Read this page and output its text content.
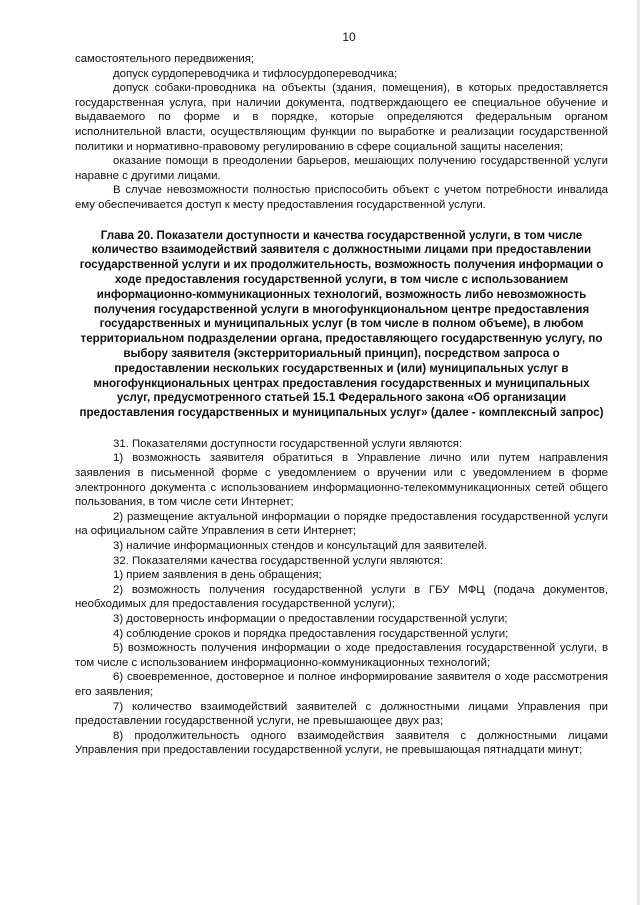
10

самостоятельного передвижения;

допуск сурдопереводчика и тифлосурдопереводчика;

допуск собаки-проводника на объекты (здания, помещения), в которых предоставляется государственная услуга, при наличии документа, подтверждающего ее специальное обучение и выдаваемого по форме и в порядке, которые определяются федеральным органом исполнительной власти, осуществляющим функции по выработке и реализации государственной политики и нормативно-правовому регулированию в сфере социальной защиты населения;

оказание помощи в преодолении барьеров, мешающих получению государственной услуги наравне с другими лицами.

В случае невозможности полностью приспособить объект с учетом потребности инвалида ему обеспечивается доступ к месту предоставления государственной услуги.

Глава 20. Показатели доступности и качества государственной услуги, в том числе количество взаимодействий заявителя с должностными лицами при предоставлении государственной услуги и их продолжительность, возможность получения информации о ходе предоставления государственной услуги, в том числе с использованием информационно-коммуникационных технологий, возможность либо невозможность получения государственной услуги в многофункциональном центре предоставления государственных и муниципальных услуг (в том числе в полном объеме), в любом территориальном подразделении органа, предоставляющего государственную услугу, по выбору заявителя (экстерриториальный принцип), посредством запроса о предоставлении нескольких государственных и (или) муниципальных услуг в многофункциональных центрах предоставления государственных и муниципальных услуг, предусмотренного статьей 15.1 Федерального закона «Об организации предоставления государственных и муниципальных услуг» (далее - комплексный запрос)

31. Показателями доступности государственной услуги являются:

1) возможность заявителя обратиться в Управление лично или путем направления заявления в письменной форме с уведомлением о вручении или с уведомлением в форме электронного документа с использованием информационно-телекоммуникационных сетей общего пользования, в том числе сети Интернет;

2) размещение актуальной информации о порядке предоставления государственной услуги на официальном сайте Управления в сети Интернет;

3) наличие информационных стендов и консультаций для заявителей.

32. Показателями качества государственной услуги являются:

1) прием заявления в день обращения;

2) возможность получения государственной услуги в ГБУ МФЦ (подача документов, необходимых для предоставления государственной услуги);

3) достоверность информации о предоставлении государственной услуги;

4) соблюдение сроков и порядка предоставления государственной услуги;

5) возможность получения информации о ходе предоставления государственной услуги, в том числе с использованием информационно-коммуникационных технологий;

6) своевременное, достоверное и полное информирование заявителя о ходе рассмотрения его заявления;

7) количество взаимодействий заявителей с должностными лицами Управления при предоставлении государственной услуги, не превышающее двух раз;

8) продолжительность одного взаимодействия заявителя с должностными лицами Управления при предоставлении государственной услуги, не превышающая пятнадцати минут;
